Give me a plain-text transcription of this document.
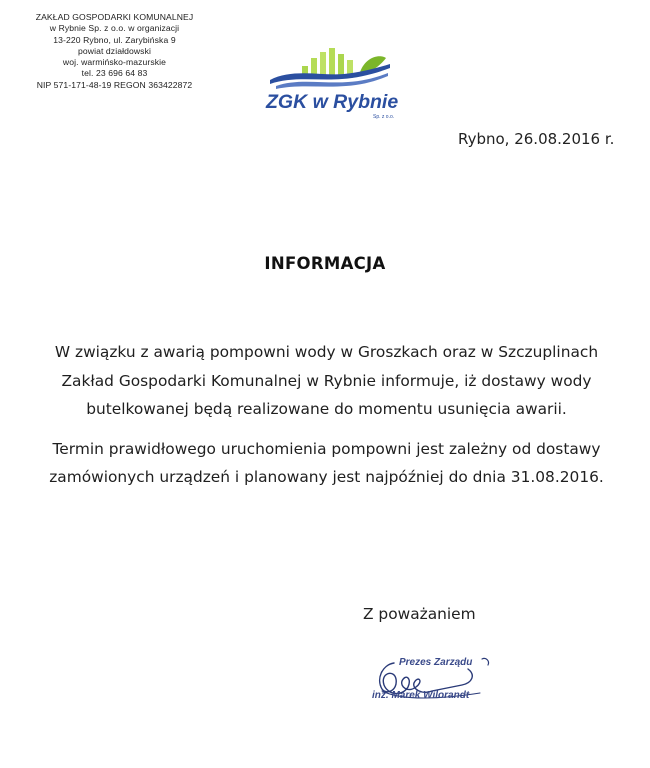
ZAKŁAD GOSPODARKI KOMUNALNEJ
w Rybnie Sp. z o.o. w organizacji
13-220 Rybno, ul. Zarybińska 9
powiat działdowski
woj. warmińsko-mazurskie
tel. 23 696 64 83
NIP 571-171-48-19 REGON 363422872
ZGK w Rybnie
Sp. z o.o.
Rybno, 26.08.2016 r.
INFORMACJA

W związku z awarią pompowni wody w Groszkach oraz w Szczuplinach Zakład Gospodarki Komunalnej w Rybnie informuje, iż dostawy wody butelkowanej będą realizowane do momentu usunięcia awarii.

Termin prawidłowego uruchomienia pompowni jest zależny od dostawy zamówionych urządzeń i planowany jest najpóźniej do dnia 31.08.2016.

Z poważaniem
Prezes Zarządu
inż. Marek Wilorandt
